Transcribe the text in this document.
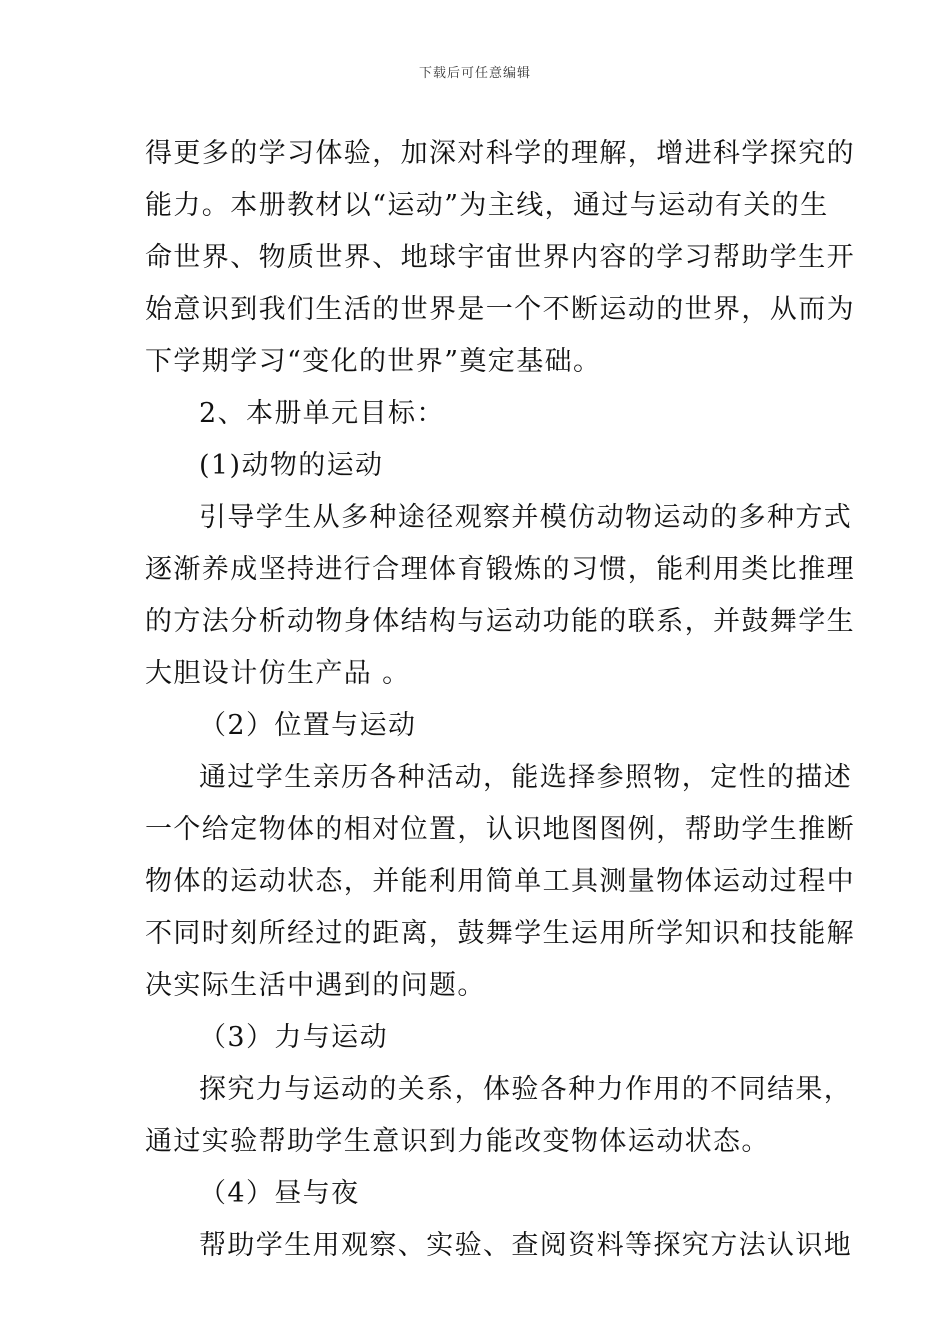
下载后可任意编辑
得更多的学习体验，加深对科学的理解，增进科学探究的
能力。本册教材以“运动”为主线，通过与运动有关的生
命世界、物质世界、地球宇宙世界内容的学习帮助学生开
始意识到我们生活的世界是一个不断运动的世界，从而为
下学期学习“变化的世界”奠定基础。
2、本册单元目标：
(1)动物的运动
引导学生从多种途径观察并模仿动物运动的多种方式
逐渐养成坚持进行合理体育锻炼的习惯，能利用类比推理
的方法分析动物身体结构与运动功能的联系，并鼓舞学生
大胆设计仿生产品 。
（2）位置与运动
通过学生亲历各种活动，能选择参照物，定性的描述
一个给定物体的相对位置，认识地图图例，帮助学生推断
物体的运动状态，并能利用简单工具测量物体运动过程中
不同时刻所经过的距离，鼓舞学生运用所学知识和技能解
决实际生活中遇到的问题。
（3）力与运动
探究力与运动的关系，体验各种力作用的不同结果，
通过实验帮助学生意识到力能改变物体运动状态。
（4）昼与夜
帮助学生用观察、实验、查阅资料等探究方法认识地
